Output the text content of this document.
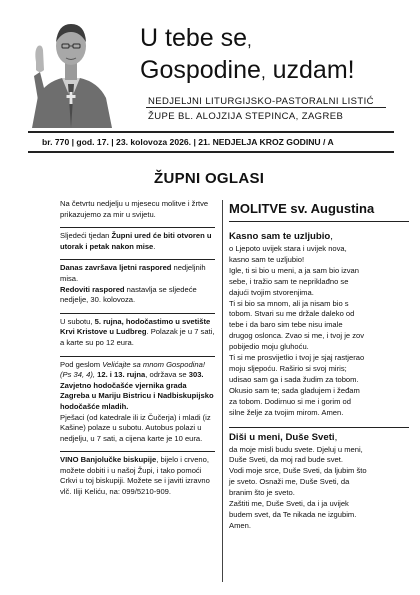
U tebe se,
Gospodine, uzdam!
NEDJELJNI LITURGIJSKO-PASTORALNI LISTIĆ
ŽUPE BL. ALOJZIJA STEPINCA, ZAGREB
br. 770 | god. 17. | 23. kolovoza 2026. | 21. NEDJELJA KROZ GODINU / A
ŽUPNI OGLASI

Na četvrtu nedjelju u mjesecu molitve i žrtve prikazujemo za mir u svijetu.

Sljedeći tjedan Župni ured će biti otvoren u utorak i petak nakon mise.

Danas završava ljetni raspored nedjeljnih misa.

Redoviti raspored nastavlja se sljedeće nedjelje, 30. kolovoza.

U subotu, 5. rujna, hodočastimo u svetište Krvi Kristove u Ludbreg. Polazak je u 7 sati, a karte su po 12 eura.

Pod geslom Velićajte sa mnom Gospodina! (Ps 34, 4), 12. i 13. rujna, održava se 303. Zavjetno hodočašće vjernika grada Zagreba u Mariju Bistricu i Nadbiskupijsko hodočašće mladih.

Pješaci (od katedrale ili iz Čučerja) i mladi (iz Kašine) polaze u subotu. Autobus polazi u nedjelju, u 7 sati, a cijena karte je 10 eura.

VINO Banjolučke biskupije, bijelo i crveno, možete dobiti i u našoj Župi, i tako pomoći Crkvi u toj biskupiji. Možete se i javiti izravno vlč. Iliji Keliću, na: 099/5210-909.

MOLITVE sv. Augustina
Kasno sam te uzljubio,
o Ljepoto uvijek stara i uvijek nova,
kasno sam te uzljubio!
Igle, ti si bio u meni, a ja sam bio izvan
sebe, i tražio sam te nepriklađno se
dajući tvojim stvorenjima.
Ti si bio sa mnom, ali ja nisam bio s
tobom. Stvari su me držale daleko od
tebe i da baro sim tebe nisu imale
drugog oslonca. Zvao si me, i tvoj je zov
pobijedio moju gluhoću.
Ti si me prosvijetlio i tvoj je sjaj rastjerao
moju sljepoću. Raširio si svoj miris;
udisao sam ga i sada žudim za tobom.
Okusio sam te; sada gladujem i žeđam
za tobom. Dodirnuo si me i gorim od
silne želje za tvojim mirom. Amen.
Diši u meni, Duše Sveti,
da moje misli budu svete. Djeluj u meni,
Duše Sveti, da moj rad bude svet.
Vodi moje srce, Duše Sveti, da ljubim što
je sveto. Osnaži me, Duše Sveti, da
branim što je sveto.
Zaštiti me, Duše Sveti, da i ja uvijek
budem svet, da Te nikada ne izgubim.
Amen.
